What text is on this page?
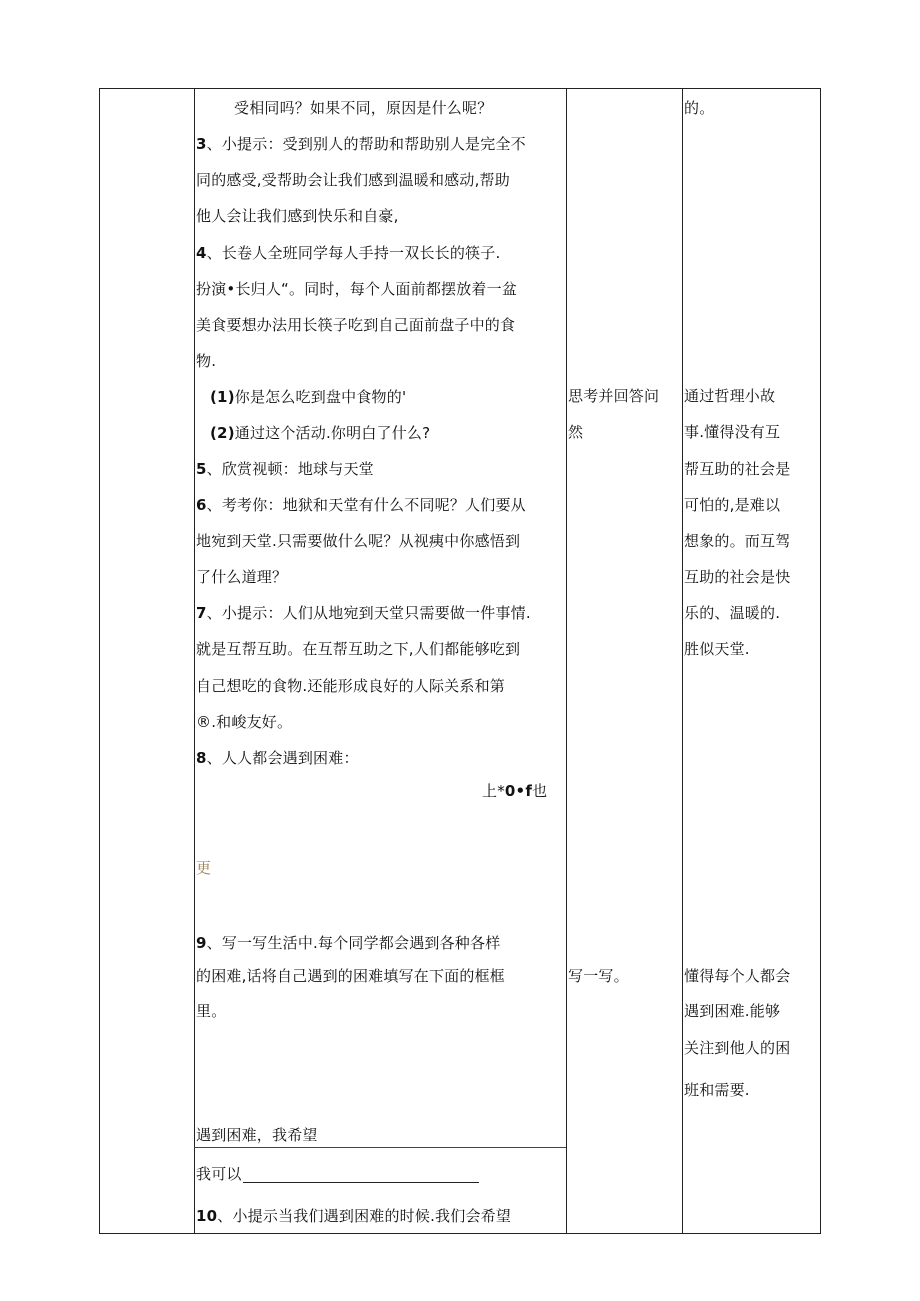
受相同吗？如果不同，原因是什么呢？
3、小提示：受到别人的帮助和帮助别人是完全不
同的感受,受帮助会让我们感到温暖和感动,帮助
他人会让我们感到快乐和自豪,
4、长卷人全班同学每人手持一双长长的筷子.
扮演•长归人“。同时，每个人面前都摆放着一盆
美食要想办法用长筷子吃到自己面前盘子中的食
物.
(1)你是怎么吃到盘中食物的'
(2)通过这个活动.你明白了什么?
5、欣赏视顿：地球与天堂
6、考考你：地狱和天堂有什么不同呢？人们要从
地宛到天堂.只需要做什么呢？从视痍中你感悟到
了什么道理？
7、小提示：人们从地宛到天堂只需要做一件事情.
就是互帮互助。在互帮互助之下,人们都能够吃到
自己想吃的食物.还能形成良好的人际关系和第
®.和峻友好。
8、人人都会遇到困难：
上*0•f也
更
9、写一写生活中.每个同学都会遇到各种各样
的困难,话将自己遇到的困难填写在下面的框框
里。
遇到困难，我希望
我可以
10、小提示当我们遇到困难的时候.我们会希望
思考并回答问
然
写一写。
的。
通过哲理小故
事.懂得没有互
帮互助的社会是
可怕的,是难以
想象的。而互驾
互助的社会是快
乐的、温暖的.
胜似天堂.
懂得每个人都会
遇到困难.能够
关注到他人的困
班和需要.
